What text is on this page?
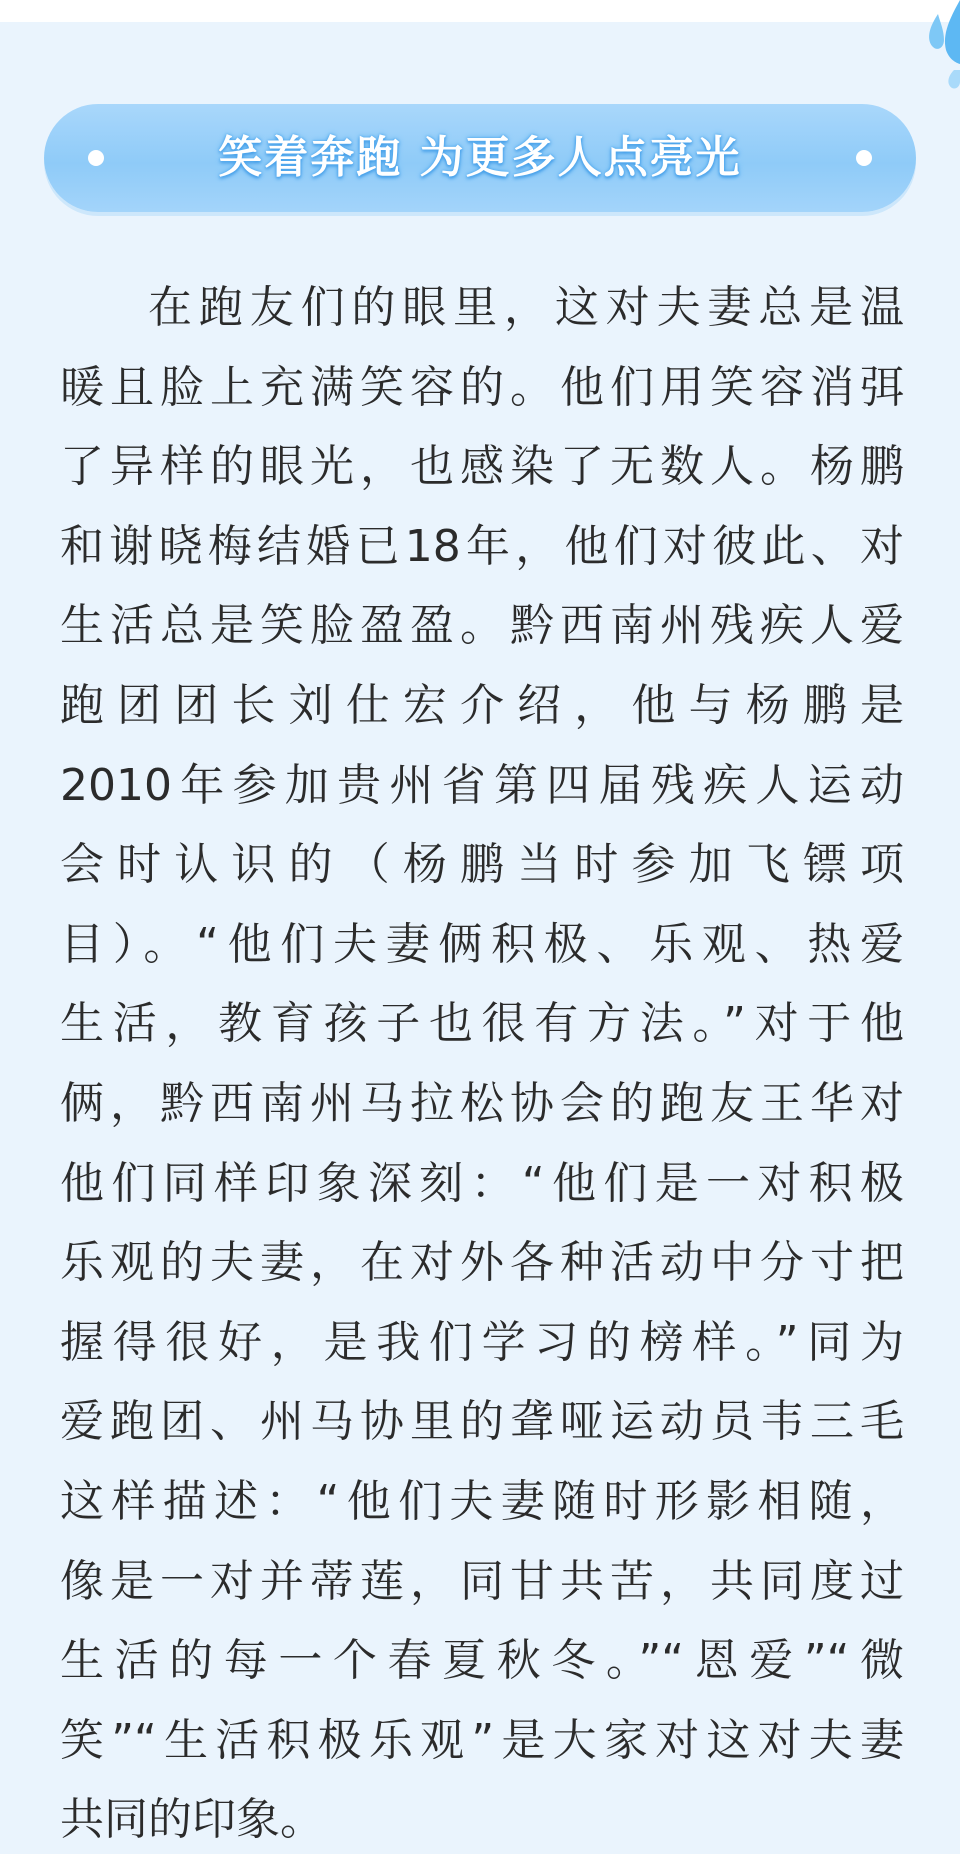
笑着奔跑 为更多人点亮光
在跑友们的眼里，这对夫妻总是温
暖且脸上充满笑容的。他们用笑容消弭
了异样的眼光，也感染了无数人。杨鹏
和谢晓梅结婚已18年，他们对彼此、对
生活总是笑脸盈盈。黔西南州残疾人爱
跑团团长刘仕宏介绍，他与杨鹏是
2010年参加贵州省第四届残疾人运动
会时认识的（杨鹏当时参加飞镖项
目）。“他们夫妻俩积极、乐观、热爱
生活，教育孩子也很有方法。”对于他
俩，黔西南州马拉松协会的跑友王华对
他们同样印象深刻：“他们是一对积极
乐观的夫妻，在对外各种活动中分寸把
握得很好，是我们学习的榜样。”同为
爱跑团、州马协里的聋哑运动员韦三毛
这样描述：“他们夫妻随时形影相随，
像是一对并蒂莲，同甘共苦，共同度过
生活的每一个春夏秋冬。”“恩爱”“微
笑”“生活积极乐观”是大家对这对夫妻
共同的印象。
